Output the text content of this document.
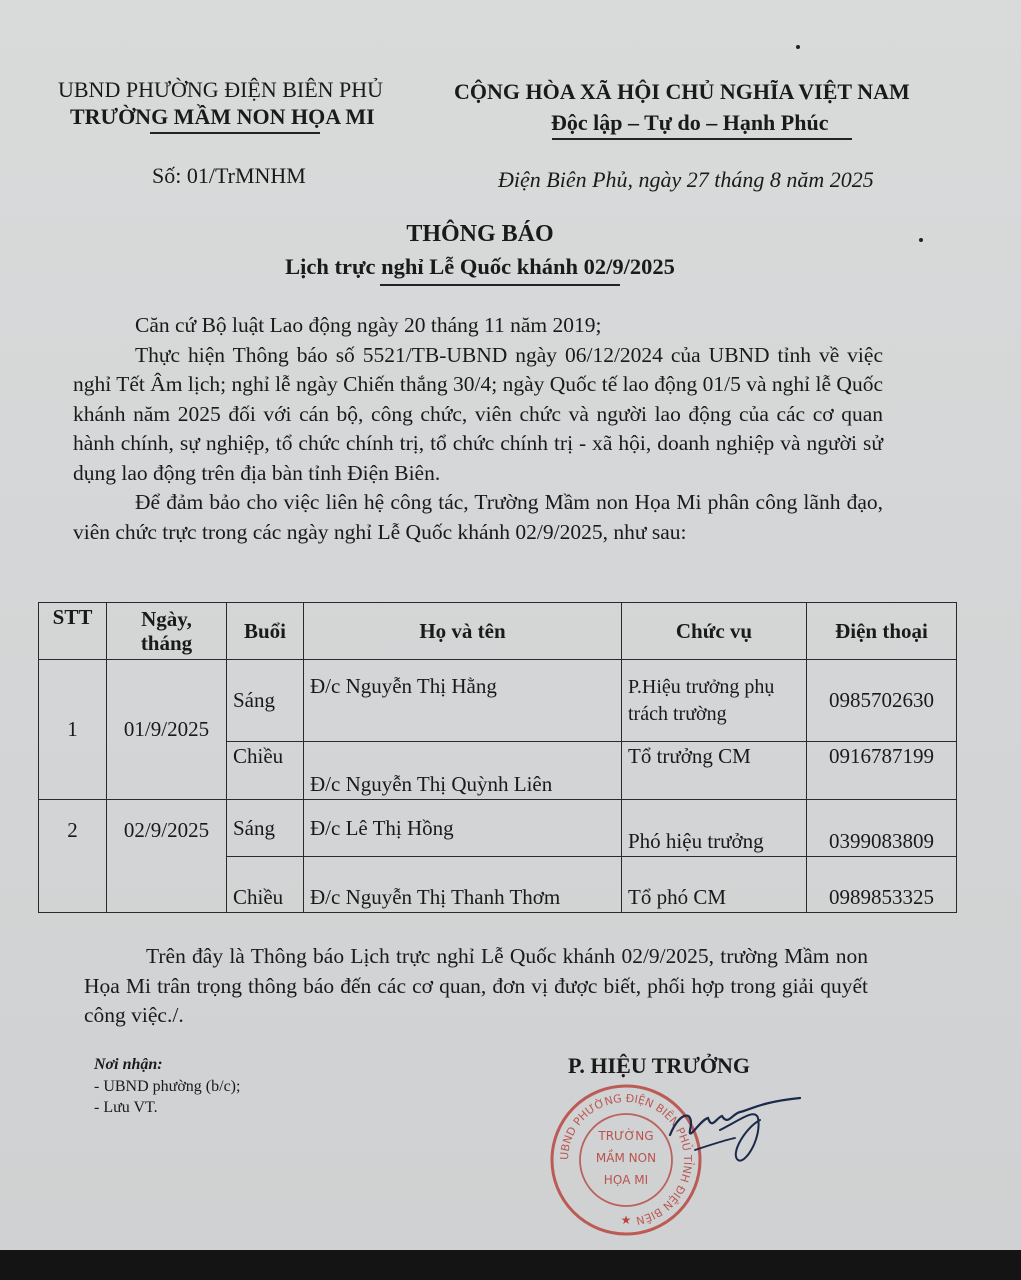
UBND PHƯỜNG ĐIỆN BIÊN PHỦ
TRƯỜNG MẦM NON HỌA MI
CỘNG HÒA XÃ HỘI CHỦ NGHĨA VIỆT NAM
Độc lập – Tự do – Hạnh Phúc
Số: 01/TrMNHM	Điện Biên Phủ, ngày 27 tháng 8 năm 2025
THÔNG BÁO
Lịch trực nghỉ Lễ Quốc khánh 02/9/2025

Căn cứ Bộ luật Lao động ngày 20 tháng 11 năm 2019;

Thực hiện Thông báo số 5521/TB-UBND ngày 06/12/2024 của UBND tỉnh về việc nghỉ Tết Âm lịch; nghỉ lễ ngày Chiến thắng 30/4; ngày Quốc tế lao động 01/5 và nghỉ lễ Quốc khánh năm 2025 đối với cán bộ, công chức, viên chức và người lao động của các cơ quan hành chính, sự nghiệp, tổ chức chính trị, tổ chức chính trị - xã hội, doanh nghiệp và người sử dụng lao động trên địa bàn tỉnh Điện Biên.

Để đảm bảo cho việc liên hệ công tác, Trường Mầm non Họa Mi phân công lãnh đạo, viên chức trực trong các ngày nghỉ Lễ Quốc khánh 02/9/2025, như sau:

STT	Ngày, tháng	Buổi	Họ và tên	Chức vụ	Điện thoại
1	01/9/2025	Sáng	Đ/c Nguyễn Thị Hằng	P.Hiệu trưởng phụ trách trường	0985702630
		Chiều	Đ/c Nguyễn Thị Quỳnh Liên	Tổ trưởng CM	0916787199
2	02/9/2025	Sáng	Đ/c Lê Thị Hồng	Phó hiệu trưởng	0399083809
		Chiều	Đ/c Nguyễn Thị Thanh Thơm	Tổ phó CM	0989853325
Trên đây là Thông báo Lịch trực nghỉ Lễ Quốc khánh 02/9/2025, trường Mầm non Họa Mi trân trọng thông báo đến các cơ quan, đơn vị được biết, phối hợp trong giải quyết công việc./.
Nơi nhận:
- UBND phường (b/c);
- Lưu VT.
P. HIỆU TRƯỞNG
UBND PHƯỜNG ĐIỆN BIÊN PHỦ TỈNH ĐIỆN BIÊN
TRƯỜNG
MẦM NON
HỌA MI
★
